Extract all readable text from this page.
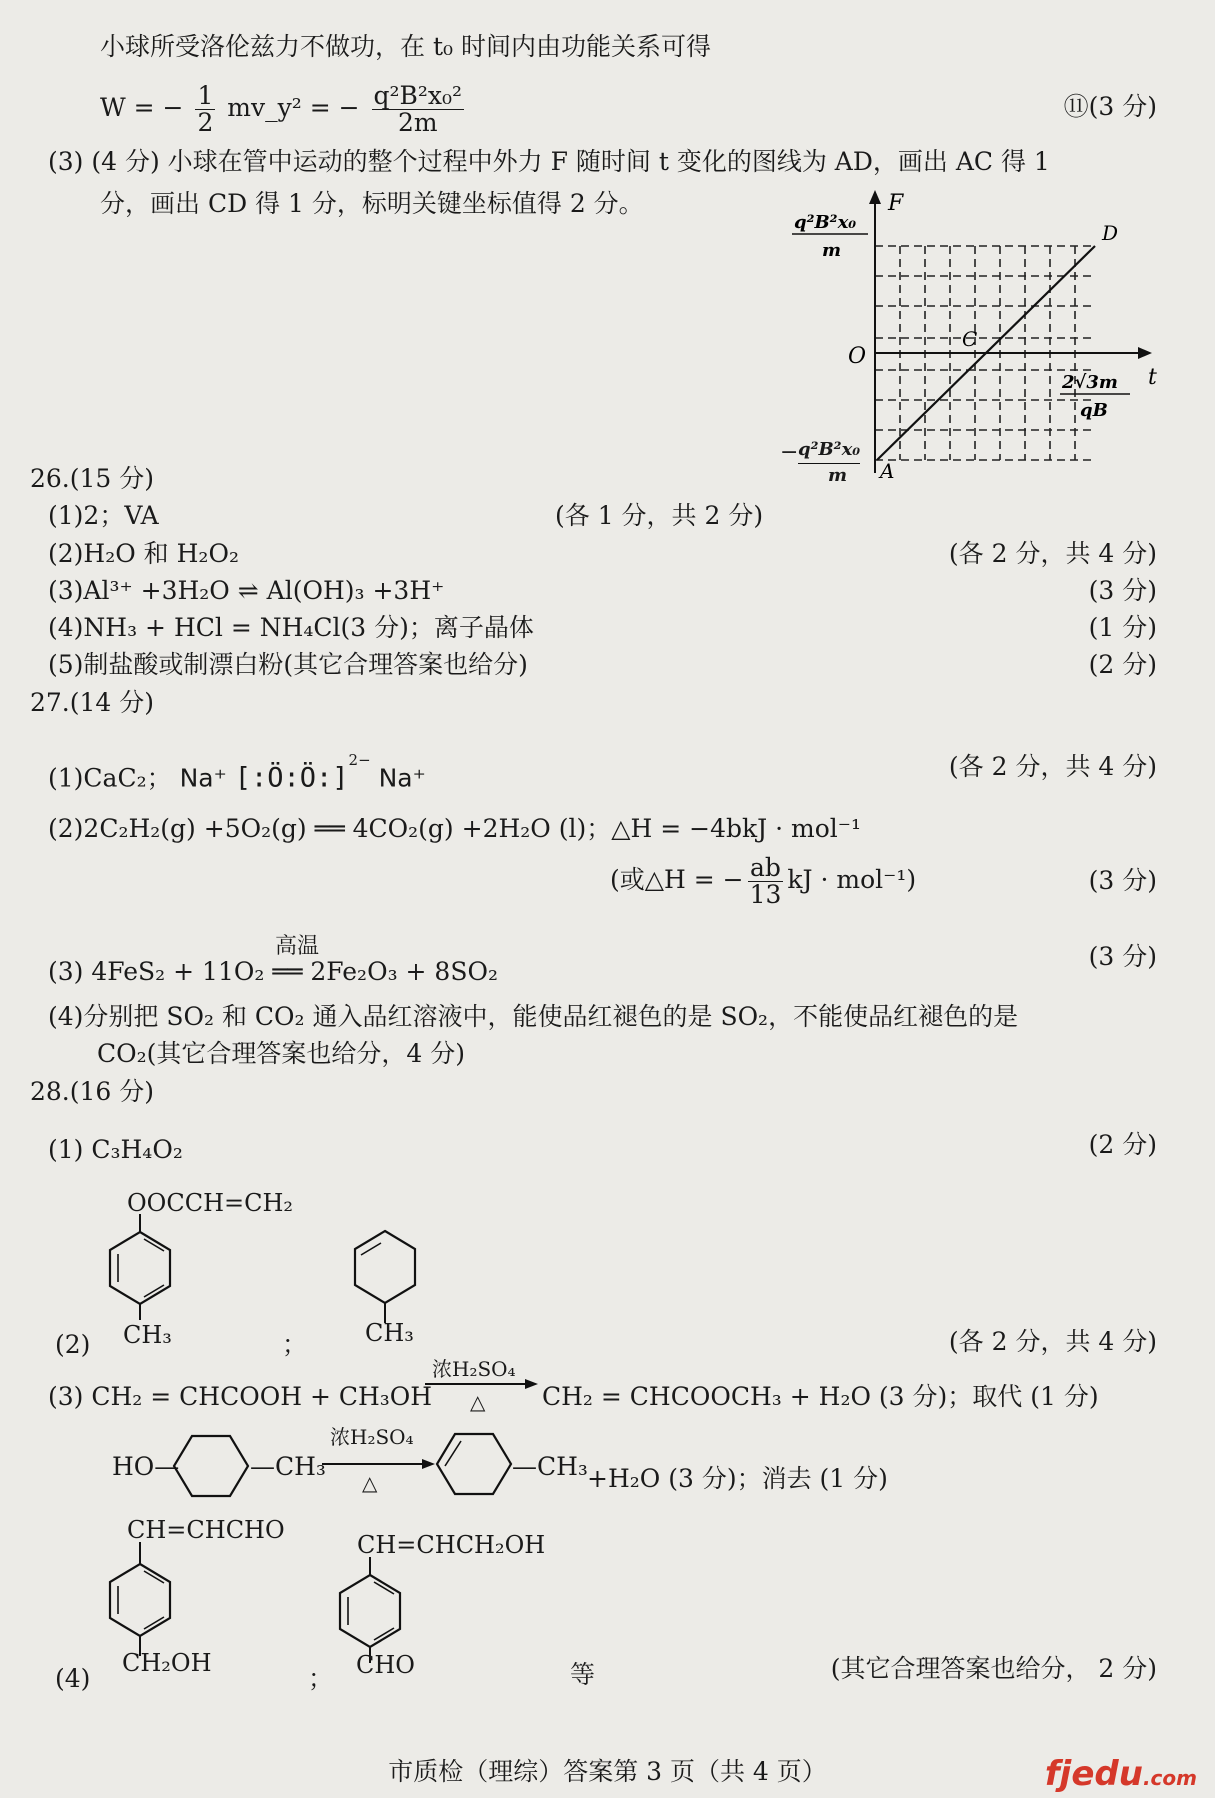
小球所受洛伦兹力不做功，在 t₀ 时间内由功能关系可得
W = − $\frac{1}{2}$ mv_y² = − $\frac{\text{q²B²x₀²}}{2m}$	⑪(3 分)
(3) (4 分) 小球在管中运动的整个过程中外力 F 随时间 t 变化的图线为 AD，画出 AC 得 1
分，画出 CD 得 1 分，标明关键坐标值得 2 分。	F
t
O
A
C
D
q²B²x₀
m
2√3m
qB
− q²B²x₀
m
26.(15 分)
(1)2；VA	(各 1 分，共 2 分)
(2)H₂O 和 H₂O₂	(各 2 分，共 4 分)
(3)Al³⁺ +3H₂O ⇌ Al(OH)₃ +3H⁺	(3 分)
(4)NH₃ + HCl = NH₄Cl(3 分)；离子晶体	(1 分)
(5)制盐酸或制漂白粉(其它合理答案也给分)	(2 分)
27.(14 分)
(1)CaC₂； Na⁺ [:Ö:Ö:]$^{2-}$ Na⁺	(各 2 分，共 4 分)
(2)2C₂H₂(g) +5O₂(g) ══ 4CO₂(g) +2H₂O (l)；△H = −4bkJ · mol⁻¹
(或△H = − $\frac{ab}{13}$ kJ · mol⁻¹)	(3 分)
(3) 4FeS₂ + 11O₂ ══ 2Fe₂O₃ + 8SO₂
高温	(3 分)
(4)分别把 SO₂ 和 CO₂ 通入品红溶液中，能使品红褪色的是 SO₂，不能使品红褪色的是
CO₂(其它合理答案也给分，4 分)
28.(16 分)
(1) C₃H₄O₂	(2 分)
OOCCH=CH₂
CH₃
(2)	； CH₃	(各 2 分，共 4 分)
(3) CH₂ = CHCOOH + CH₃OH
浓H₂SO₄
△ CH₂ = CHCOOCH₃ + H₂O (3 分)；取代 (1 分)
HO—	—CH₃
浓H₂SO₄
△
—CH₃ +H₂O (3 分)；消去 (1 分)
CH=CHCHO
CH₂OH
(4)	；
CH=CHCH₂OH
CHO	等	(其它合理答案也给分， 2 分)
市质检（理综）答案第 3 页（共 4 页）	fjedu.com
